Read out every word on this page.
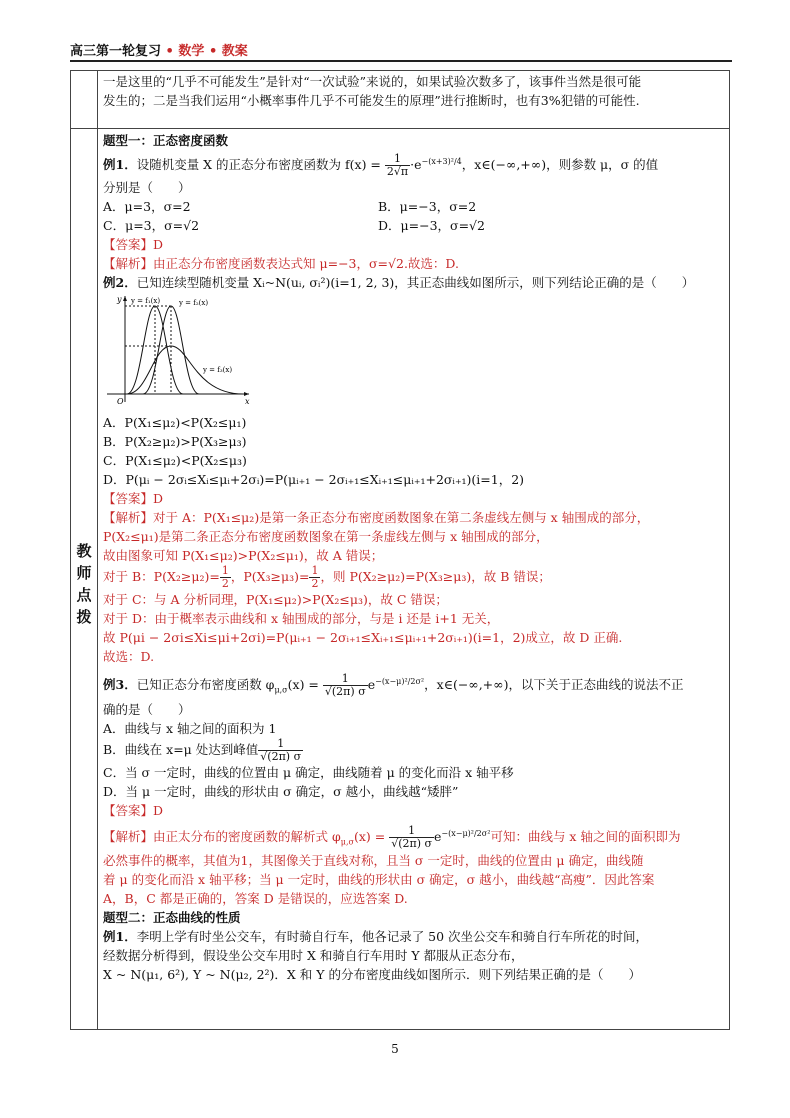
高三第一轮复习 • 数学 • 教案
教
师
点
拨

一是这里的“几乎不可能发生”是针对“一次试验”来说的，如果试验次数多了，该事件当然是很可能

发生的；二是当我们运用“小概率事件几乎不可能发生的原理”进行推断时，也有3%犯错的可能性.

题型一：正态密度函数

例1．设随机变量 X 的正态分布密度函数为 $f(x) = \frac{1}{2√\pi} \cdot e^{-(x+3)^2/4}$，x∈(−∞,+∞)，则参数 μ，σ 的值

分别是（　　）

A．μ=3，σ=2	B．μ=−3，σ=2
C．μ=3，σ=√2	D．μ=−3，σ=√2

【答案】D

【解析】由正态分布密度函数表达式知 μ=−3，σ=√2.故选：D.

例2．已知连续型随机变量 Xᵢ~N(uᵢ, σᵢ²)(i=1, 2, 3)，其正态曲线如图所示，则下列结论正确的是（　　）

y
x
O
y = f₁(x)	y = f₂(x)
y = f₃(x)

A．P(X₁≤μ₂)<P(X₂≤μ₁)

B．P(X₂≥μ₂)>P(X₃≥μ₃)

C．P(X₁≤μ₂)<P(X₂≤μ₃)

D．P(μᵢ − 2σᵢ≤Xᵢ≤μᵢ+2σᵢ)=P(μᵢ₊₁ − 2σᵢ₊₁≤Xᵢ₊₁≤μᵢ₊₁+2σᵢ₊₁)(i=1，2)

【答案】D

【解析】对于 A：P(X₁≤μ₂)是第一条正态分布密度函数图象在第二条虚线左侧与 x 轴围成的部分，

P(X₂≤μ₁)是第二条正态分布密度函数图象在第一条虚线左侧与 x 轴围成的部分，

故由图象可知 P(X₁≤μ₂)>P(X₂≤μ₁)，故 A 错误；

对于 B：$P(X_2\ge\mu_2)= \frac{1}{2}$ ，$P(X_3\ge\mu_3)= \frac{1}{2}$ ，则 P(X₂≥μ₂)=P(X₃≥μ₃)，故 B 错误；

对于 C：与 A 分析同理，P(X₁≤μ₂)>P(X₂≤μ₃)，故 C 错误；

对于 D：由于概率表示曲线和 x 轴围成的部分，与是 i 还是 i+1 无关，

故 P(μi − 2σi≤Xi≤μi+2σi)=P(μᵢ₊₁ − 2σᵢ₊₁≤Xᵢ₊₁≤μᵢ₊₁+2σᵢ₊₁)(i=1，2)成立，故 D 正确.

故选：D.

例3．已知正态分布密度函数 $\varphi_{\mu,\sigma}(x) = \frac{1}{√(2\pi) \sigma} e^{-(x-\mu)^2/2\sigma^2}$，x∈(−∞,+∞)，以下关于正态曲线的说法不正

确的是（　　）

A．曲线与 x 轴之间的面积为 1

B．曲线在 x=μ 处达到峰值 $\frac{1}{√(2\pi) \sigma}$

C．当 σ 一定时，曲线的位置由 μ 确定，曲线随着 μ 的变化而沿 x 轴平移

D．当 μ 一定时，曲线的形状由 σ 确定，σ 越小，曲线越“矮胖”

【答案】D

【解析】由正太分布的密度函数的解析式 $\varphi_{\mu,\sigma}(x) = \frac{1}{√(2\pi) \sigma} e^{-(x-\mu)^2/2\sigma^2}$可知：曲线与 x 轴之间的面积即为

必然事件的概率，其值为1，其图像关于直线对称，且当 σ 一定时，曲线的位置由 μ 确定，曲线随

着 μ 的变化而沿 x 轴平移；当 μ 一定时，曲线的形状由 σ 确定，σ 越小，曲线越“高瘦”．因此答案

A，B，C 都是正确的，答案 D 是错误的，应选答案 D.

题型二：正态曲线的性质

例1．李明上学有时坐公交车，有时骑自行车，他各记录了 50 次坐公交车和骑自行车所花的时间，

经数据分析得到，假设坐公交车用时 X 和骑自行车用时 Y 都服从正态分布，

X ~ N(μ₁, 6²), Y ~ N(μ₂, 2²)．X 和 Y 的分布密度曲线如图所示．则下列结果正确的是（　　）

5
